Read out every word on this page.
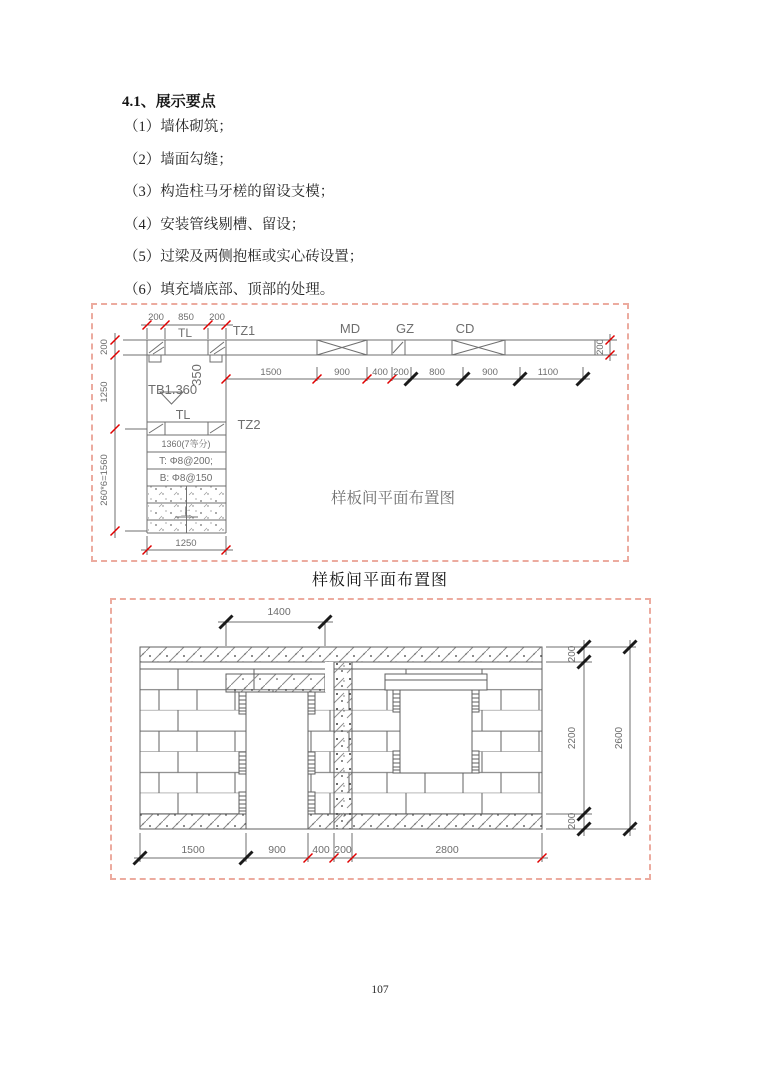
4.1、展示要点
（1）墙体砌筑；
（2）墙面勾缝；
（3）构造柱马牙槎的留设支模；
（4）安装管线剔槽、留设；
（5）过梁及两侧抱框或实心砖设置；
（6）填充墙底部、顶部的处理。
200 850 200
TL	TZ1	MD	GZ	CD
1500	900 400 200 800	900	1100
TB1.360
350
TL
TZ2
1360(7等分)
T: Φ8@200;
B: Φ8@150
上
200
1250
260*6=1560
200
1250
样板间平面布置图
样板间平面布置图
1400
200
2200
200
2600
1500	900	400 200	2800
107
